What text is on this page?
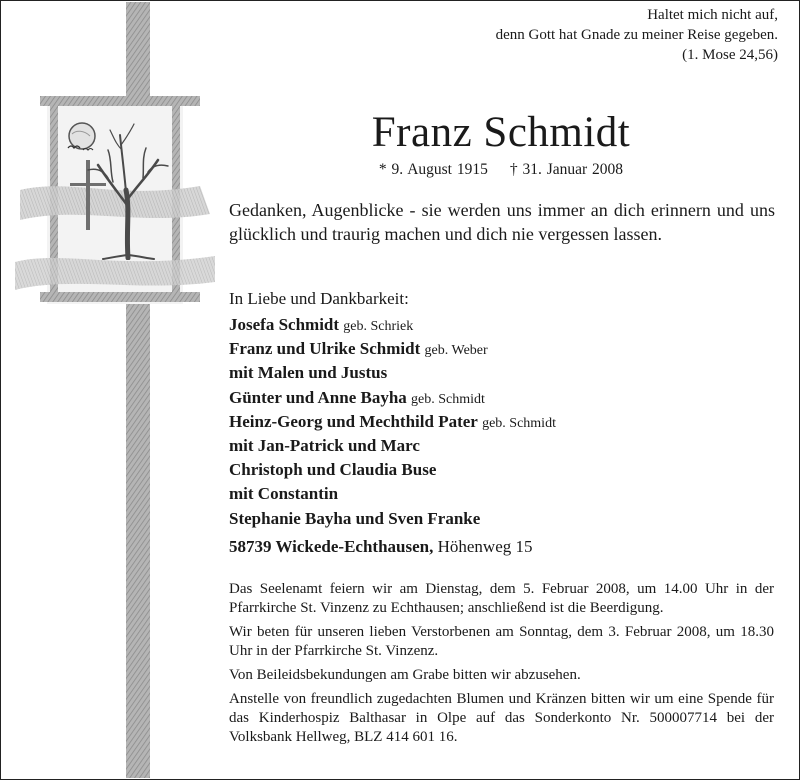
Haltet mich nicht auf,
denn Gott hat Gnade zu meiner Reise gegeben.
(1. Mose 24,56)
Franz Schmidt
* 9. August 1915 † 31. Januar 2008
Gedanken, Augenblicke - sie werden uns immer an dich erinnern und uns glücklich und traurig machen und dich nie vergessen lassen.
In Liebe und Dankbarkeit:
Josefa Schmidt geb. Schriek
Franz und Ulrike Schmidt geb. Weber
mit Malen und Justus
Günter und Anne Bayha geb. Schmidt
Heinz-Georg und Mechthild Pater geb. Schmidt
mit Jan-Patrick und Marc
Christoph und Claudia Buse
mit Constantin
Stephanie Bayha und Sven Franke
58739 Wickede-Echthausen, Höhenweg 15

Das Seelenamt feiern wir am Dienstag, dem 5. Februar 2008, um 14.00 Uhr in der Pfarrkirche St. Vinzenz zu Echthausen; anschließend ist die Beerdigung.

Wir beten für unseren lieben Verstorbenen am Sonntag, dem 3. Februar 2008, um 18.30 Uhr in der Pfarrkirche St. Vinzenz.

Von Beileidsbekundungen am Grabe bitten wir abzusehen.

Anstelle von freundlich zugedachten Blumen und Kränzen bitten wir um eine Spende für das Kinderhospiz Balthasar in Olpe auf das Sonderkonto Nr. 500007714 bei der Volksbank Hellweg, BLZ 414 601 16.
